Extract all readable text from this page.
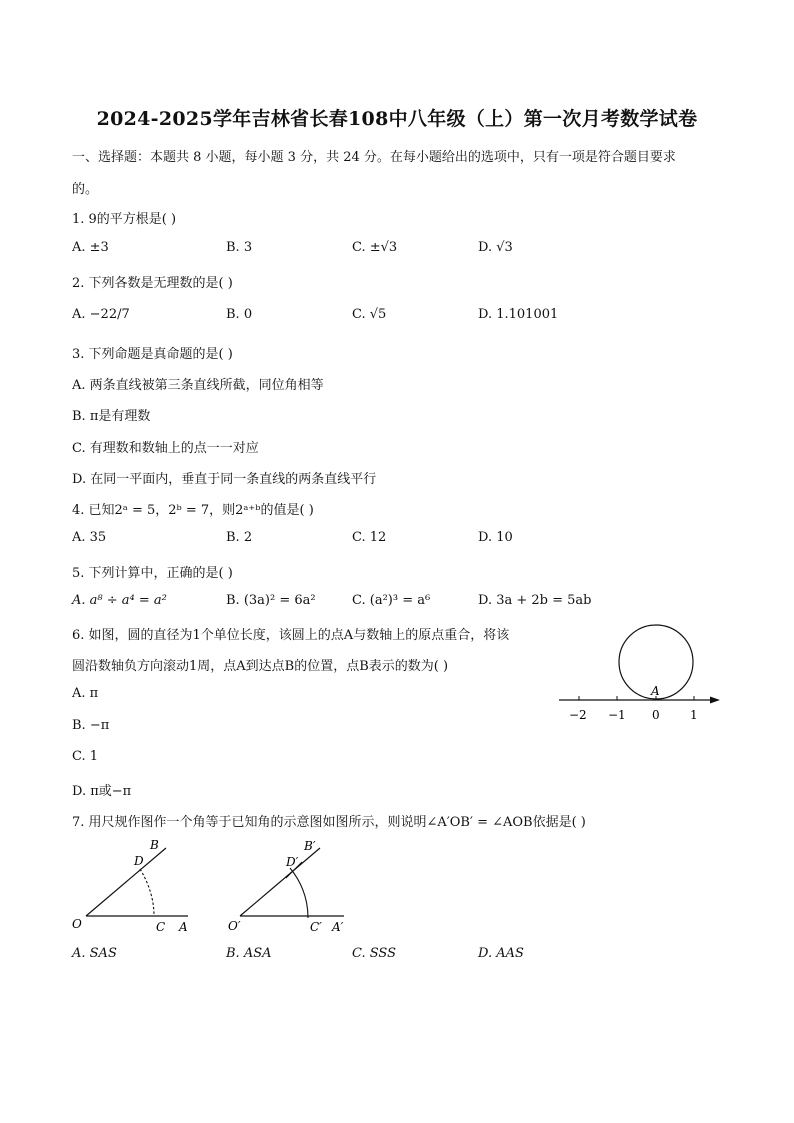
2024-2025学年吉林省长春108中八年级（上）第一次月考数学试卷
一、选择题：本题共 8 小题，每小题 3 分，共 24 分。在每小题给出的选项中，只有一项是符合题目要求
的。
1. 9的平方根是( )
A. ±3	B. 3	C. ±√3	D. √3
2. 下列各数是无理数的是( )
A. −22/7	B. 0	C. √5	D. 1.101001
3. 下列命题是真命题的是( )
A. 两条直线被第三条直线所截，同位角相等
B. π是有理数
C. 有理数和数轴上的点一一对应
D. 在同一平面内，垂直于同一条直线的两条直线平行
4. 已知2ᵃ = 5，2ᵇ = 7，则2ᵃ⁺ᵇ的值是( )
A. 35	B. 2	C. 12	D. 10
5. 下列计算中，正确的是( )
A. a⁸ ÷ a⁴ = a²	B. (3a)² = 6a²	C. (a²)³ = a⁶	D. 3a + 2b = 5ab
6. 如图，圆的直径为1个单位长度，该圆上的点A与数轴上的原点重合，将该
圆沿数轴负方向滚动1周，点A到达点B的位置，点B表示的数为( )
A. π
B. −π
C. 1
D. π或−π
A
−2 −1 0	1
7. 用尺规作图作一个角等于已知角的示意图如图所示，则说明∠A′OB′ = ∠AOB依据是( )
O	C A
B
D
O′	C′ A′
B′
D′
A. SAS	B. ASA	C. SSS	D. AAS
